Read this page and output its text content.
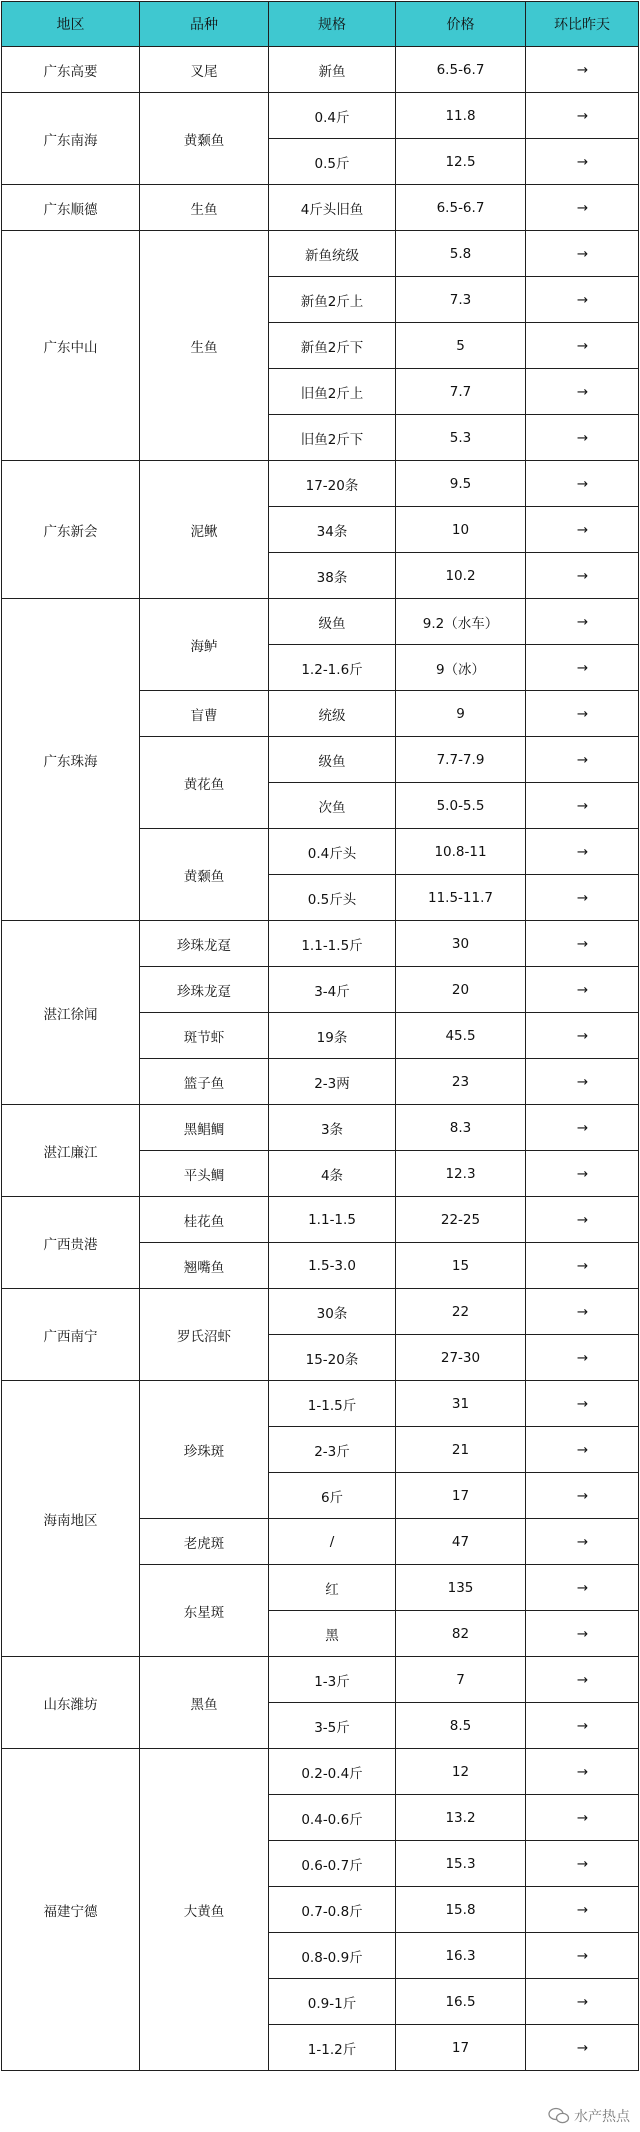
地区	品种	规格	价格	环比昨天
广东高要	叉尾	新鱼	6.5-6.7	→
广东南海	黄颡鱼	0.4斤	11.8	→
		0.5斤	12.5	→
广东顺德	生鱼	4斤头旧鱼	6.5-6.7	→
广东中山	生鱼	新鱼统级	5.8	→
		新鱼2斤上	7.3	→
		新鱼2斤下	5	→
		旧鱼2斤上	7.7	→
		旧鱼2斤下	5.3	→
广东新会	泥鳅	17-20条	9.5	→
		34条	10	→
		38条	10.2	→
广东珠海	海鲈	级鱼	9.2（水车）	→
		1.2-1.6斤	9（冰）	→
	盲曹	统级	9	→
	黄花鱼	级鱼	7.7-7.9	→
		次鱼	5.0-5.5	→
	黄颡鱼	0.4斤头	10.8-11	→
		0.5斤头	11.5-11.7	→
湛江徐闻	珍珠龙趸	1.1-1.5斤	30	→
	珍珠龙趸	3-4斤	20	→
	斑节虾	19条	45.5	→
	篮子鱼	2-3两	23	→
湛江廉江	黑鲳鲷	3条	8.3	→
	平头鲷	4条	12.3	→
广西贵港	桂花鱼	1.1-1.5	22-25	→
	翘嘴鱼	1.5-3.0	15	→
广西南宁	罗氏沼虾	30条	22	→
		15-20条	27-30	→
海南地区	珍珠斑	1-1.5斤	31	→
		2-3斤	21	→
		6斤	17	→
	老虎斑	/	47	→
	东星斑	红	135	→
		黑	82	→
山东潍坊	黑鱼	1-3斤	7	→
		3-5斤	8.5	→
福建宁德	大黄鱼	0.2-0.4斤	12	→
		0.4-0.6斤	13.2	→
		0.6-0.7斤	15.3	→
		0.7-0.8斤	15.8	→
		0.8-0.9斤	16.3	→
		0.9-1斤	16.5	→
		1-1.2斤	17	→
水产热点
